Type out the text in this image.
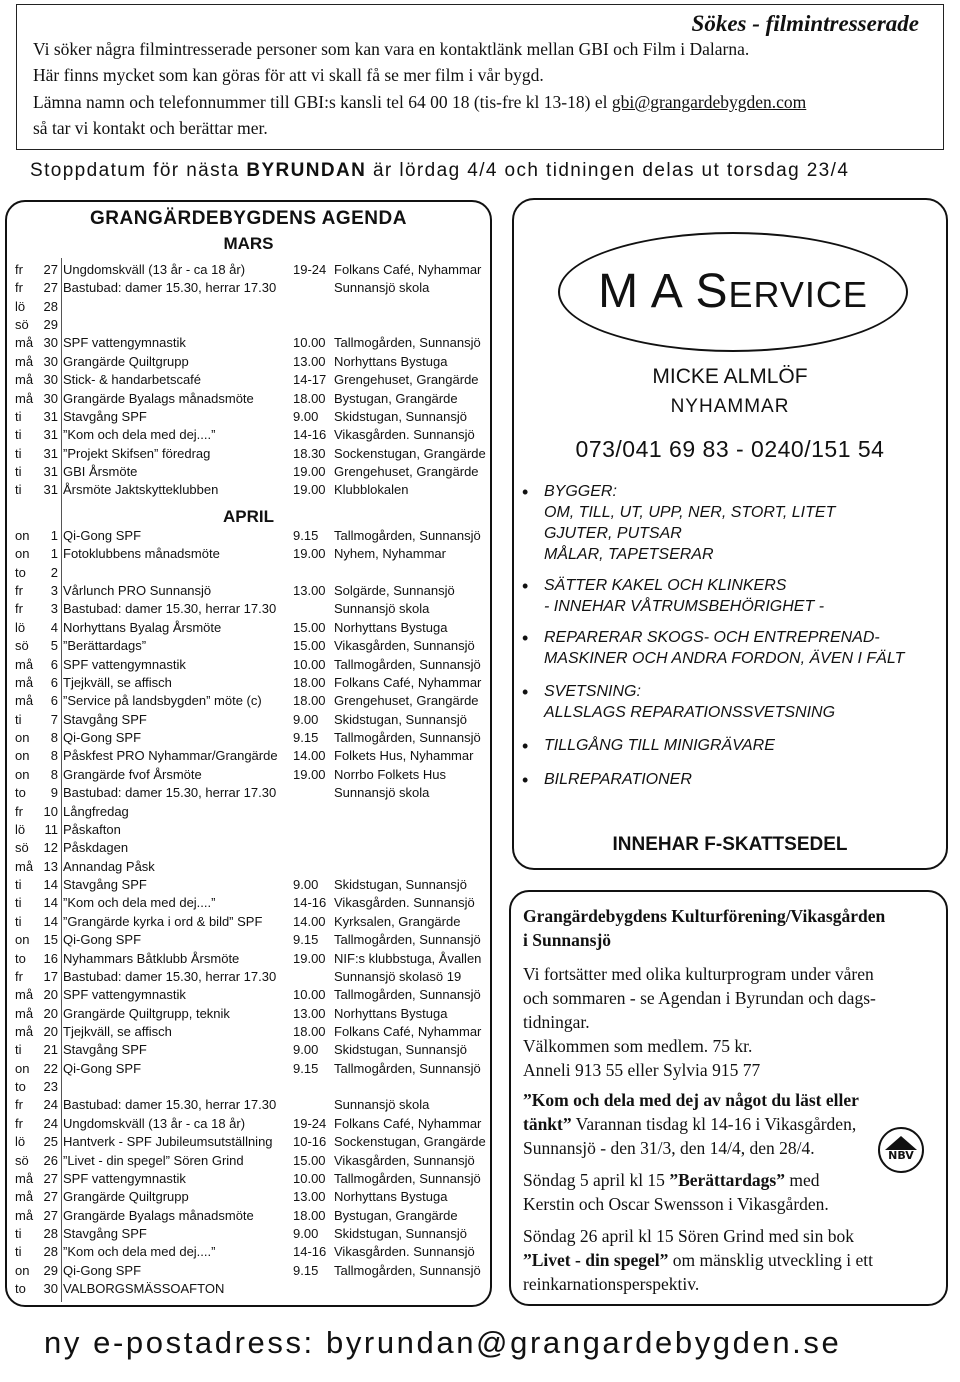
Sökes - filmintresserade
Vi söker några filmintresserade personer som kan vara en kontaktlänk mellan GBI och Film i Dalarna.
Här finns mycket som kan göras för att vi skall få se mer film i vår bygd.
Lämna namn och telefonnummer till GBI:s kansli tel 64 00 18 (tis-fre kl 13-18) el gbi@grangardebygden.com
så tar vi kontakt och berättar mer.
Stoppdatum för nästa BYRUNDAN är lördag 4/4 och tidningen delas ut torsdag 23/4
GRANGÄRDEBYGDENS AGENDA
MARS
APRIL
fr	27 Ungdomskväll (13 år - ca 18 år)	19-24 Folkans Café, Nyhammar
fr	27 Bastubad: damer 15.30, herrar 17.30	Sunnansjö skola
lö	28
sö	29
må 30 SPF vattengymnastik	10.00 Tallmogården, Sunnansjö
må 30 Grangärde Quiltgrupp	13.00 Norhyttans Bystuga
må 30 Stick- & handarbetscafé	14-17 Grengehuset, Grangärde
må 30 Grangärde Byalags månadsmöte	18.00 Bystugan, Grangärde
ti	31 Stavgång SPF	9.00 Skidstugan, Sunnansjö
ti	31 ”Kom och dela med dej....”	14-16 Vikasgården. Sunnansjö
ti	31 ”Projekt Skifsen” föredrag	18.30 Sockenstugan, Grangärde
ti	31 GBI Årsmöte	19.00 Grengehuset, Grangärde
ti	31 Årsmöte Jaktskytteklubben	19.00 Klubblokalen
on	1 Qi-Gong SPF	9.15 Tallmogården, Sunnansjö
on	1 Fotoklubbens månadsmöte	19.00 Nyhem, Nyhammar
to	2
fr	3 Vårlunch PRO Sunnansjö	13.00 Solgärde, Sunnansjö
fr	3 Bastubad: damer 15.30, herrar 17.30	Sunnansjö skola
lö	4 Norhyttans Byalag Årsmöte	15.00 Norhyttans Bystuga
sö	5 ”Berättardags”	15.00 Vikasgården, Sunnansjö
må	6 SPF vattengymnastik	10.00 Tallmogården, Sunnansjö
må	6 Tjejkväll, se affisch	18.00 Folkans Café, Nyhammar
må	6 ”Service på landsbygden” möte (c) 18.00 Grengehuset, Grangärde
ti	7 Stavgång SPF	9.00 Skidstugan, Sunnansjö
on	8 Qi-Gong SPF	9.15 Tallmogården, Sunnansjö
on	8 Påskfest PRO Nyhammar/Grangärde 14.00 Folkets Hus, Nyhammar
on	8 Grangärde fvof Årsmöte	19.00 Norrbo Folkets Hus
to	9 Bastubad: damer 15.30, herrar 17.30	Sunnansjö skola
fr	10 Långfredag
lö	11 Påskafton
sö	12 Påskdagen
må 13 Annandag Påsk
ti	14 Stavgång SPF	9.00 Skidstugan, Sunnansjö
ti	14 ”Kom och dela med dej....”	14-16 Vikasgården. Sunnansjö
ti	14 ”Grangärde kyrka i ord & bild” SPF 14.00 Kyrksalen, Grangärde
on	15 Qi-Gong SPF	9.15 Tallmogården, Sunnansjö
to	16 Nyhammars Båtklubb Årsmöte	19.00 NIF:s klubbstuga, Åvallen
fr	17 Bastubad: damer 15.30, herrar 17.30	Sunnansjö skolasö 19
må 20 SPF vattengymnastik	10.00 Tallmogården, Sunnansjö
må 20 Grangärde Quiltgrupp, teknik	13.00 Norhyttans Bystuga
må 20 Tjejkväll, se affisch	18.00 Folkans Café, Nyhammar
ti	21 Stavgång SPF	9.00 Skidstugan, Sunnansjö
on	22 Qi-Gong SPF	9.15 Tallmogården, Sunnansjö
to	23
fr	24 Bastubad: damer 15.30, herrar 17.30	Sunnansjö skola
fr	24 Ungdomskväll (13 år - ca 18 år)	19-24 Folkans Café, Nyhammar
lö	25 Hantverk - SPF Jubileumsutställning 10-16 Sockenstugan, Grangärde
sö	26 ”Livet - din spegel” Sören Grind	15.00 Vikasgården, Sunnansjö
må 27 SPF vattengymnastik	10.00 Tallmogården, Sunnansjö
må 27 Grangärde Quiltgrupp	13.00 Norhyttans Bystuga
må 27 Grangärde Byalags månadsmöte	18.00 Bystugan, Grangärde
ti	28 Stavgång SPF	9.00 Skidstugan, Sunnansjö
ti	28 ”Kom och dela med dej....”	14-16 Vikasgården. Sunnansjö
on	29 Qi-Gong SPF	9.15 Tallmogården, Sunnansjö
to	30 VALBORGSMÄSSOAFTON
M A SERVICE
MICKE ALMLÖF
NYHAMMAR
073/041 69 83 - 0240/151 54
• BYGGER:
OM, TILL, UT, UPP, NER, STORT, LITET
GJUTER, PUTSAR
MÅLAR, TAPETSERAR
• SÄTTER KAKEL OCH KLINKERS
- INNEHAR VÅTRUMSBEHÖRIGHET -
• REPARERAR SKOGS- OCH ENTREPRENAD-
MASKINER OCH ANDRA FORDON, ÄVEN I FÄLT
• SVETSNING:
ALLSLAGS REPARATIONSSVETSNING
• TILLGÅNG TILL MINIGRÄVARE
• BILREPARATIONER
INNEHAR F-SKATTSEDEL
Grangärdebygdens Kulturförening/Vikasgården
i Sunnansjö
Vi fortsätter med olika kulturprogram under våren
och sommaren - se Agendan i Byrundan och dags-
tidningar.
Välkommen som medlem. 75 kr.
Anneli 913 55 eller Sylvia 915 77
”Kom och dela med dej av något du läst eller
tänkt” Varannan tisdag kl 14-16 i Vikasgården,
Sunnansjö - den 31/3, den 14/4, den 28/4.
Söndag 5 april kl 15 ”Berättardags” med
Kerstin och Oscar Swensson i Vikasgården.
Söndag 26 april kl 15 Sören Grind med sin bok
”Livet - din spegel” om mänsklig utveckling i ett
reinkarnationsperspektiv.
NBV
ny e-postadress: byrundan@grangardebygden.se
